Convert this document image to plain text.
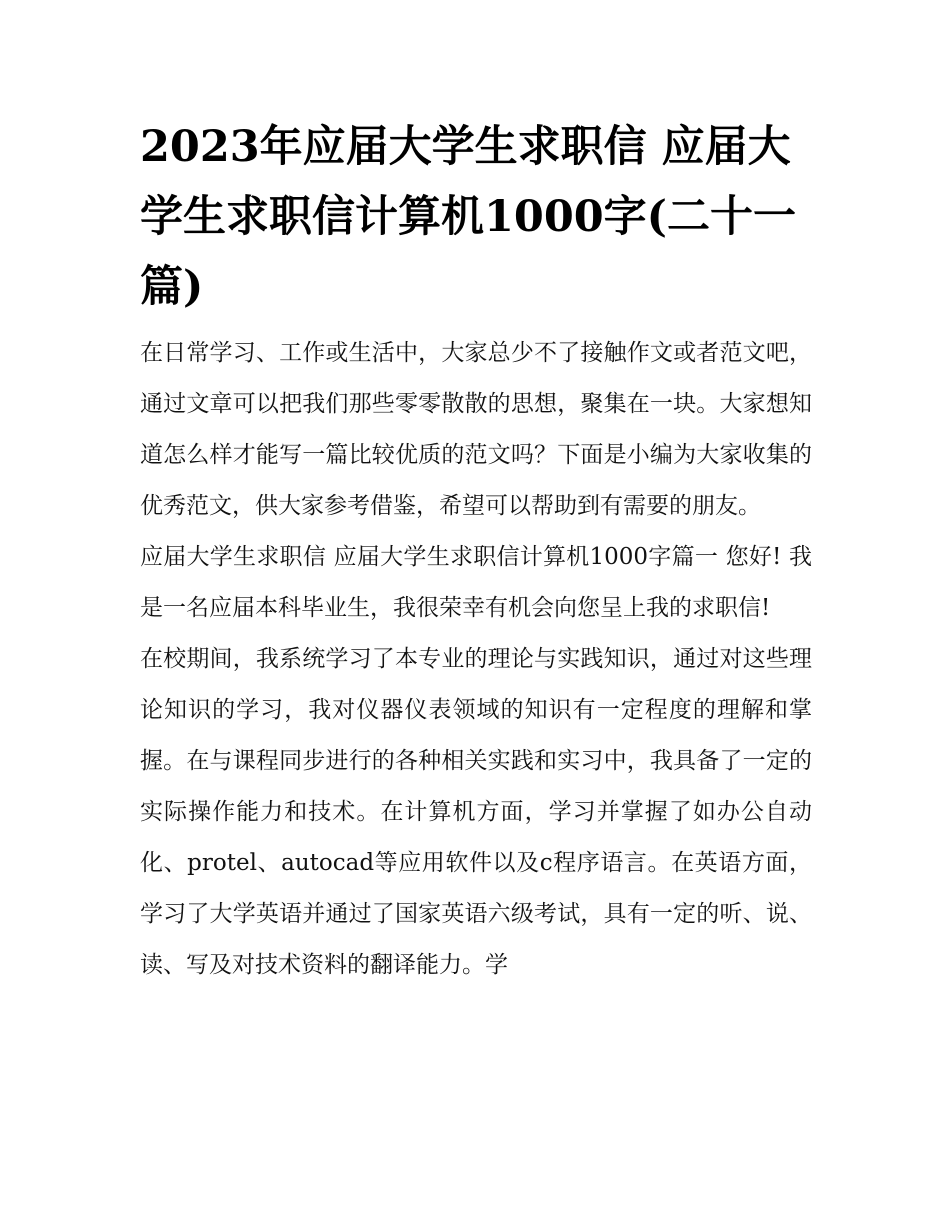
2023年应届大学生求职信 应届大学生求职信计算机1000字(二十一篇)

在日常学习、工作或生活中，大家总少不了接触作文或者范文吧，通过文章可以把我们那些零零散散的思想，聚集在一块。大家想知道怎么样才能写一篇比较优质的范文吗？下面是小编为大家收集的优秀范文，供大家参考借鉴，希望可以帮助到有需要的朋友。

应届大学生求职信 应届大学生求职信计算机1000字篇一 您好! 我是一名应届本科毕业生，我很荣幸有机会向您呈上我的求职信!

在校期间，我系统学习了本专业的理论与实践知识，通过对这些理论知识的学习，我对仪器仪表领域的知识有一定程度的理解和掌握。在与课程同步进行的各种相关实践和实习中，我具备了一定的实际操作能力和技术。在计算机方面，学习并掌握了如办公自动化、protel、autocad等应用软件以及c程序语言。在英语方面，学习了大学英语并通过了国家英语六级考试，具有一定的听、说、读、写及对技术资料的翻译能力。学
